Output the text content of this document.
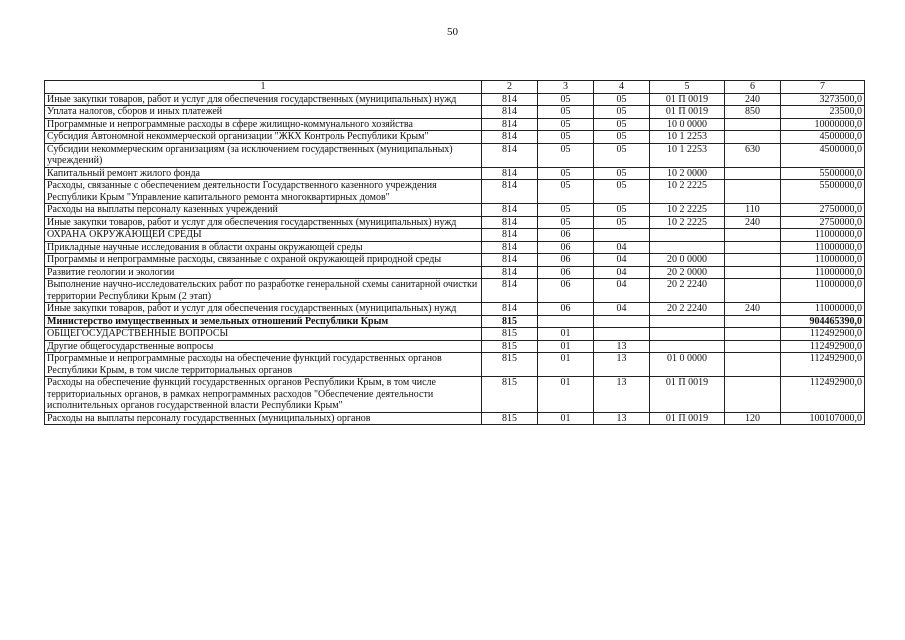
50
1	2	3	4	5	6	7
Иные закупки товаров, работ и услуг для обеспечения государственных (муниципальных) нужд	814	05	05	01 П 0019	240	3273500,0
Уплата налогов, сборов и иных платежей	814	05	05	01 П 0019	850	23500,0
Программные и непрограммные расходы в сфере жилищно-коммунального хозяйства	814	05	05	10 0 0000		10000000,0
Субсидия Автономной некоммерческой организации "ЖКХ Контроль Республики Крым"	814	05	05	10 1 2253		4500000,0
Субсидии некоммерческим организациям (за исключением государственных (муниципальных) учреждений)	814	05	05	10 1 2253	630	4500000,0
Капитальный ремонт жилого фонда	814	05	05	10 2 0000		5500000,0
Расходы, связанные с обеспечением деятельности Государственного казенного учреждения Республики Крым "Управление капитального ремонта многоквартирных домов"	814	05	05	10 2 2225		5500000,0
Расходы на выплаты персоналу казенных учреждений	814	05	05	10 2 2225	110	2750000,0
Иные закупки товаров, работ и услуг для обеспечения государственных (муниципальных) нужд	814	05	05	10 2 2225	240	2750000,0
ОХРАНА ОКРУЖАЮЩЕЙ СРЕДЫ	814	06				11000000,0
Прикладные научные исследования в области охраны окружающей среды	814	06	04			11000000,0
Программы и непрограммные расходы, связанные с охраной окружающей природной среды	814	06	04	20 0 0000		11000000,0
Развитие геологии и экологии	814	06	04	20 2 0000		11000000,0
Выполнение научно-исследовательских работ по разработке генеральной схемы санитарной очистки территории Республики Крым (2 этап)	814	06	04	20 2 2240		11000000,0
Иные закупки товаров, работ и услуг для обеспечения государственных (муниципальных) нужд	814	06	04	20 2 2240	240	11000000,0
Министерство имущественных и земельных отношений Республики Крым	815					904465390,0
ОБЩЕГОСУДАРСТВЕННЫЕ ВОПРОСЫ	815	01				112492900,0
Другие общегосударственные вопросы	815	01	13			112492900,0
Программные и непрограммные расходы на обеспечение функций государственных органов Республики Крым, в том числе территориальных органов	815	01	13	01 0 0000		112492900,0
Расходы на обеспечение функций государственных органов Республики Крым, в том числе территориальных органов, в рамках непрограммных расходов "Обеспечение деятельности исполнительных органов государственной власти Республики Крым"	815	01	13	01 П 0019		112492900,0
Расходы на выплаты персоналу государственных (муниципальных) органов	815	01	13	01 П 0019	120	100107000,0
